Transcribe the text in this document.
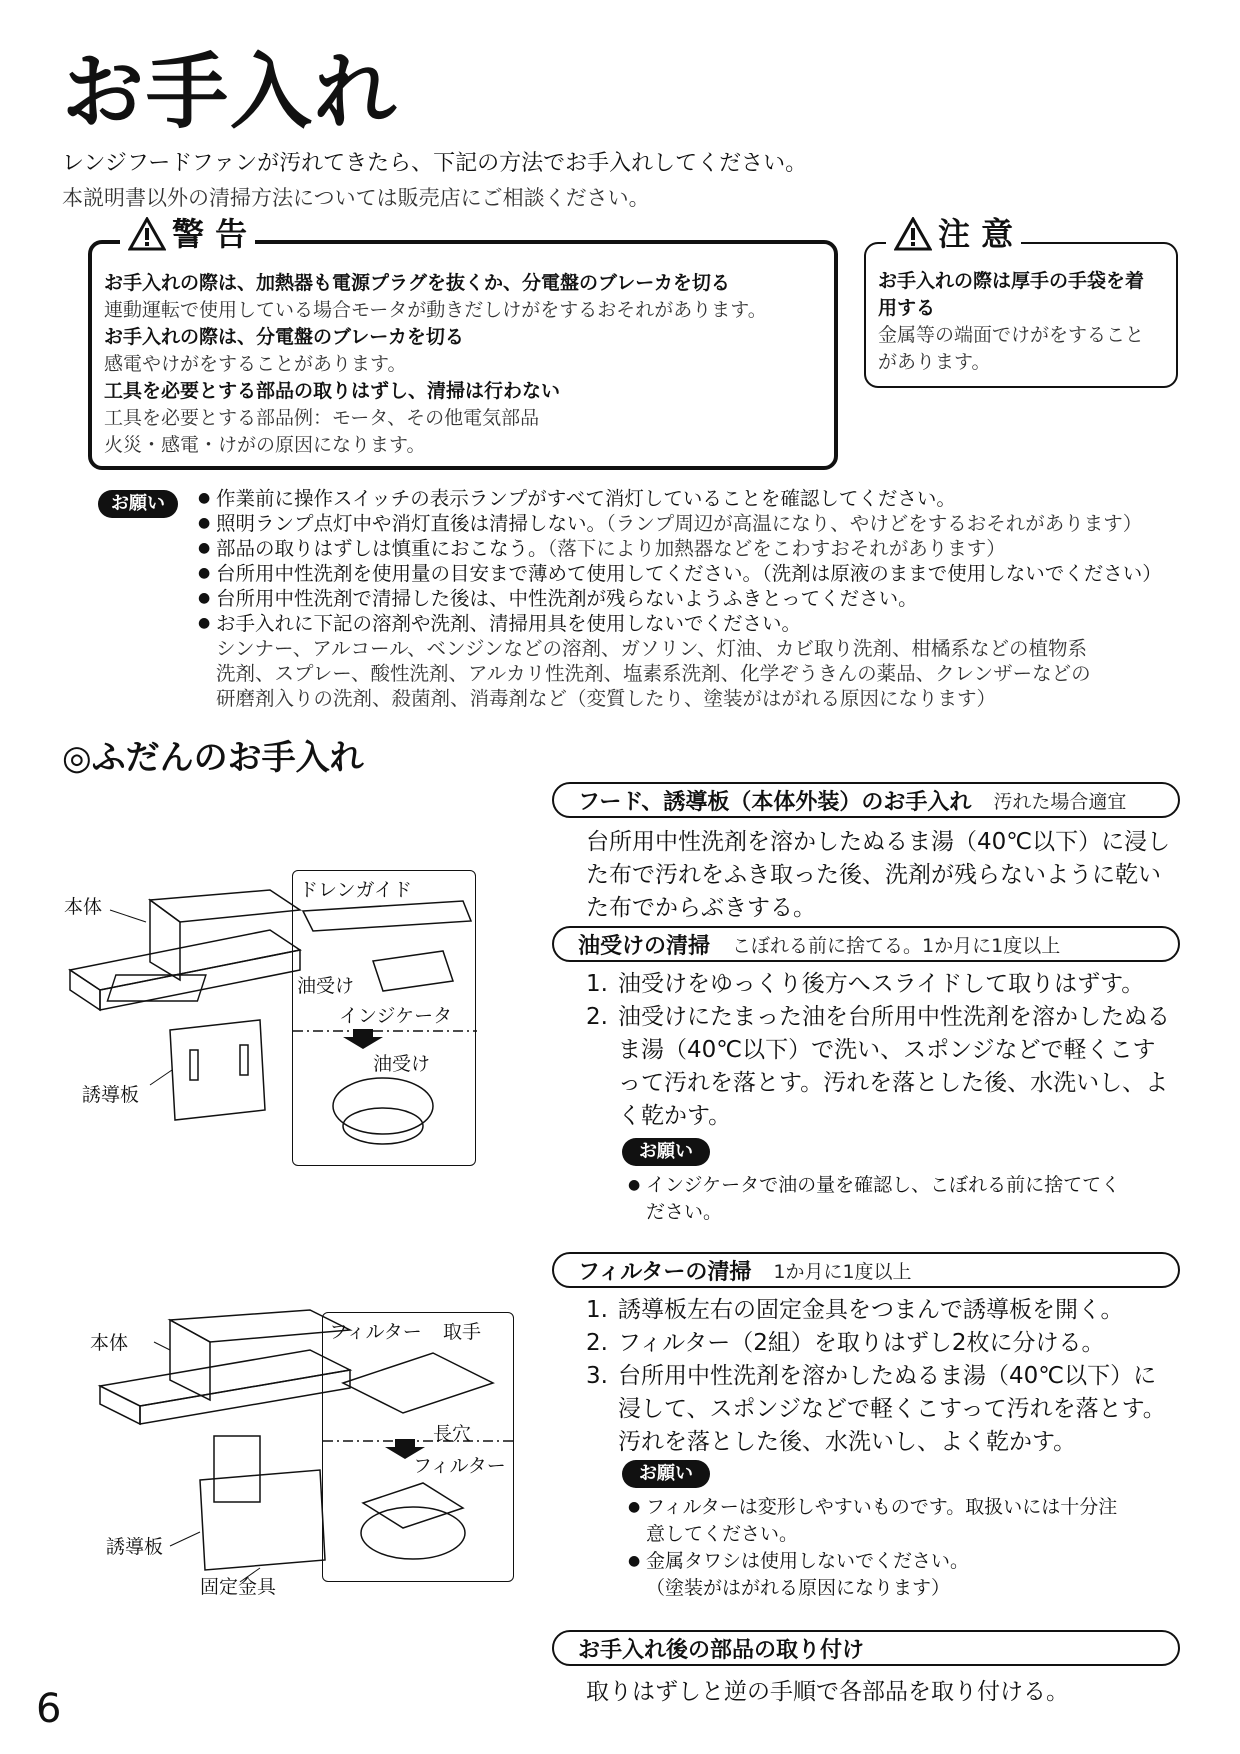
お手入れ
レンジフードファンが汚れてきたら、下記の方法でお手入れしてください。
本説明書以外の清掃方法については販売店にご相談ください。
警 告
お手入れの際は、加熱器も電源プラグを抜くか、分電盤のブレーカを切る
連動運転で使用している場合モータが動きだしけがをするおそれがあります。
お手入れの際は、分電盤のブレーカを切る
感電やけがをすることがあります。
工具を必要とする部品の取りはずし、清掃は行わない
工具を必要とする部品例：モータ、その他電気部品
火災・感電・けがの原因になります。
注 意
お手入れの際は厚手の手袋を着
用する
金属等の端面でけがをすること
があります。
お願い
●	作業前に操作スイッチの表示ランプがすべて消灯していることを確認してください。
● 照明ランプ点灯中や消灯直後は清掃しない。（ランプ周辺が高温になり、やけどをするおそれがあります）
● 部品の取りはずしは慎重におこなう。（落下により加熱器などをこわすおそれがあります）
● 台所用中性洗剤を使用量の目安まで薄めて使用してください。（洗剤は原液のままで使用しないでください）
● 台所用中性洗剤で清掃した後は、中性洗剤が残らないようふきとってください。
● お手入れに下記の溶剤や洗剤、清掃用具を使用しないでください。
シンナー、アルコール、ベンジンなどの溶剤、ガソリン、灯油、カビ取り洗剤、柑橘系などの植物系
洗剤、スプレー、酸性洗剤、アルカリ性洗剤、塩素系洗剤、化学ぞうきんの薬品、クレンザーなどの
研磨剤入りの洗剤、殺菌剤、消毒剤など（変質したり、塗装がはがれる原因になります）
◎ふだんのお手入れ
フード、誘導板（本体外装）のお手入れ 汚れた場合適宜
台所用中性洗剤を溶かしたぬるま湯（40℃以下）に浸し
た布で汚れをふき取った後、洗剤が残らないように乾い
た布でからぶきする。
油受けの清掃 こぼれる前に捨てる。1か月に1度以上
1. 油受けをゆっくり後方へスライドして取りはずす。
2. 油受けにたまった油を台所用中性洗剤を溶かしたぬる
ま湯（40℃以下）で洗い、スポンジなどで軽くこす
って汚れを落とす。汚れを落とした後、水洗いし、よ
く乾かす。
お願い
● インジケータで油の量を確認し、こぼれる前に捨ててく
ださい。
フィルターの清掃 1か月に1度以上
1. 誘導板左右の固定金具をつまんで誘導板を開く。
2. フィルター（2組）を取りはずし2枚に分ける。
3. 台所用中性洗剤を溶かしたぬるま湯（40℃以下）に
浸して、スポンジなどで軽くこすって汚れを落とす。
汚れを落とした後、水洗いし、よく乾かす。
お願い
● フィルターは変形しやすいものです。取扱いには十分注
意してください。
● 金属タワシは使用しないでください。
（塗装がはがれる原因になります）
お手入れ後の部品の取り付け
取りはずしと逆の手順で各部品を取り付ける。
6
本体
誘導板
ドレンガイド
油受け
インジケータ
油受け
本体
誘導板
固定金具
フィルター 取手
長穴
フィルター
